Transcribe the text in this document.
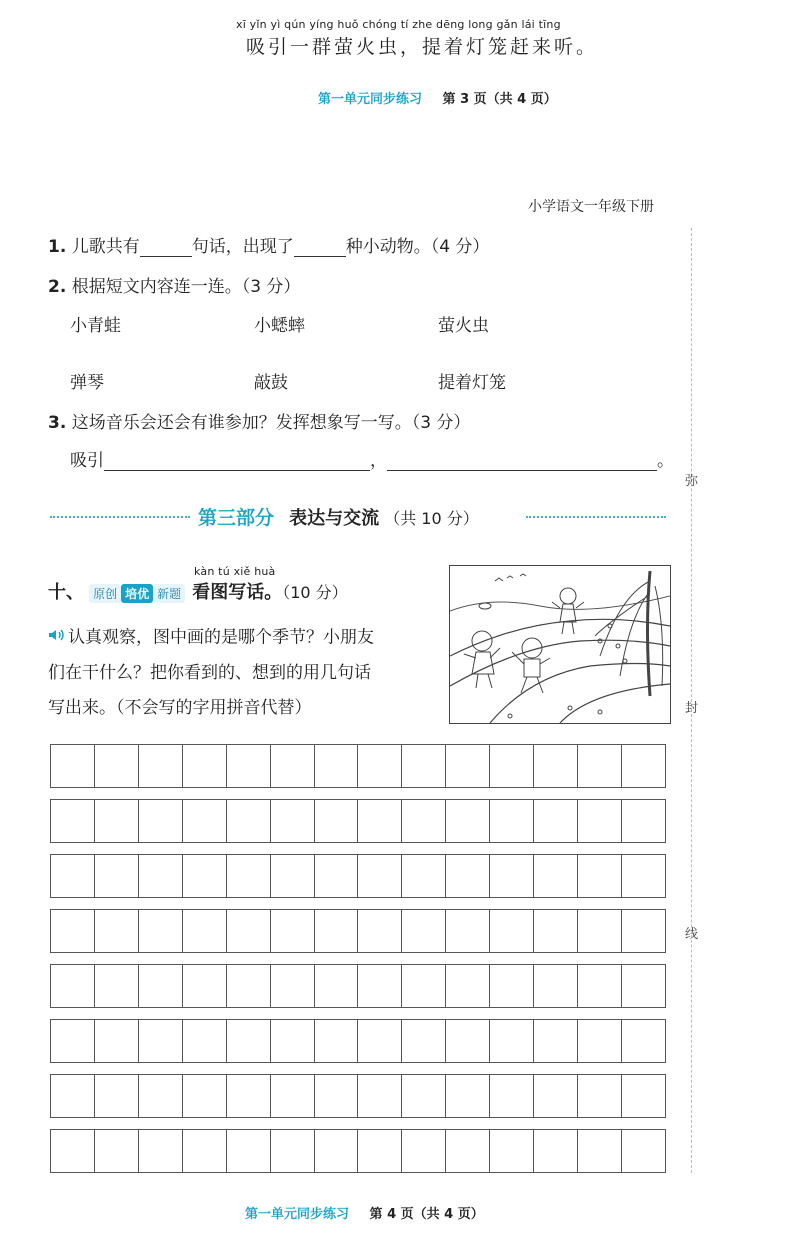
xī yǐn yì qún yíng huǒ chóng tí zhe dēng long gǎn lái tīng
吸引一群萤火虫，提着灯笼赶来听。
第一单元同步练习 第 3 页（共 4 页）
小学语文一年级下册
1. 儿歌共有	句话，出现了	种小动物。（4 分）
2. 根据短文内容连一连。（3 分）
小青蛙	小蟋蟀	萤火虫
弹琴	敲鼓	提着灯笼
3. 这场音乐会还会有谁参加？发挥想象写一写。（3 分）
吸引	，	。
第三部分 表达与交流 （共 10 分）
kàn tú xiě huà
十、 原创 培优 新题 看图写话。（10 分）
认真观察，图中画的是哪个季节？小朋友
们在干什么？把你看到的、想到的用几句话
写出来。（不会写的字用拼音代替）
弥
封
线
第一单元同步练习 第 4 页（共 4 页）
